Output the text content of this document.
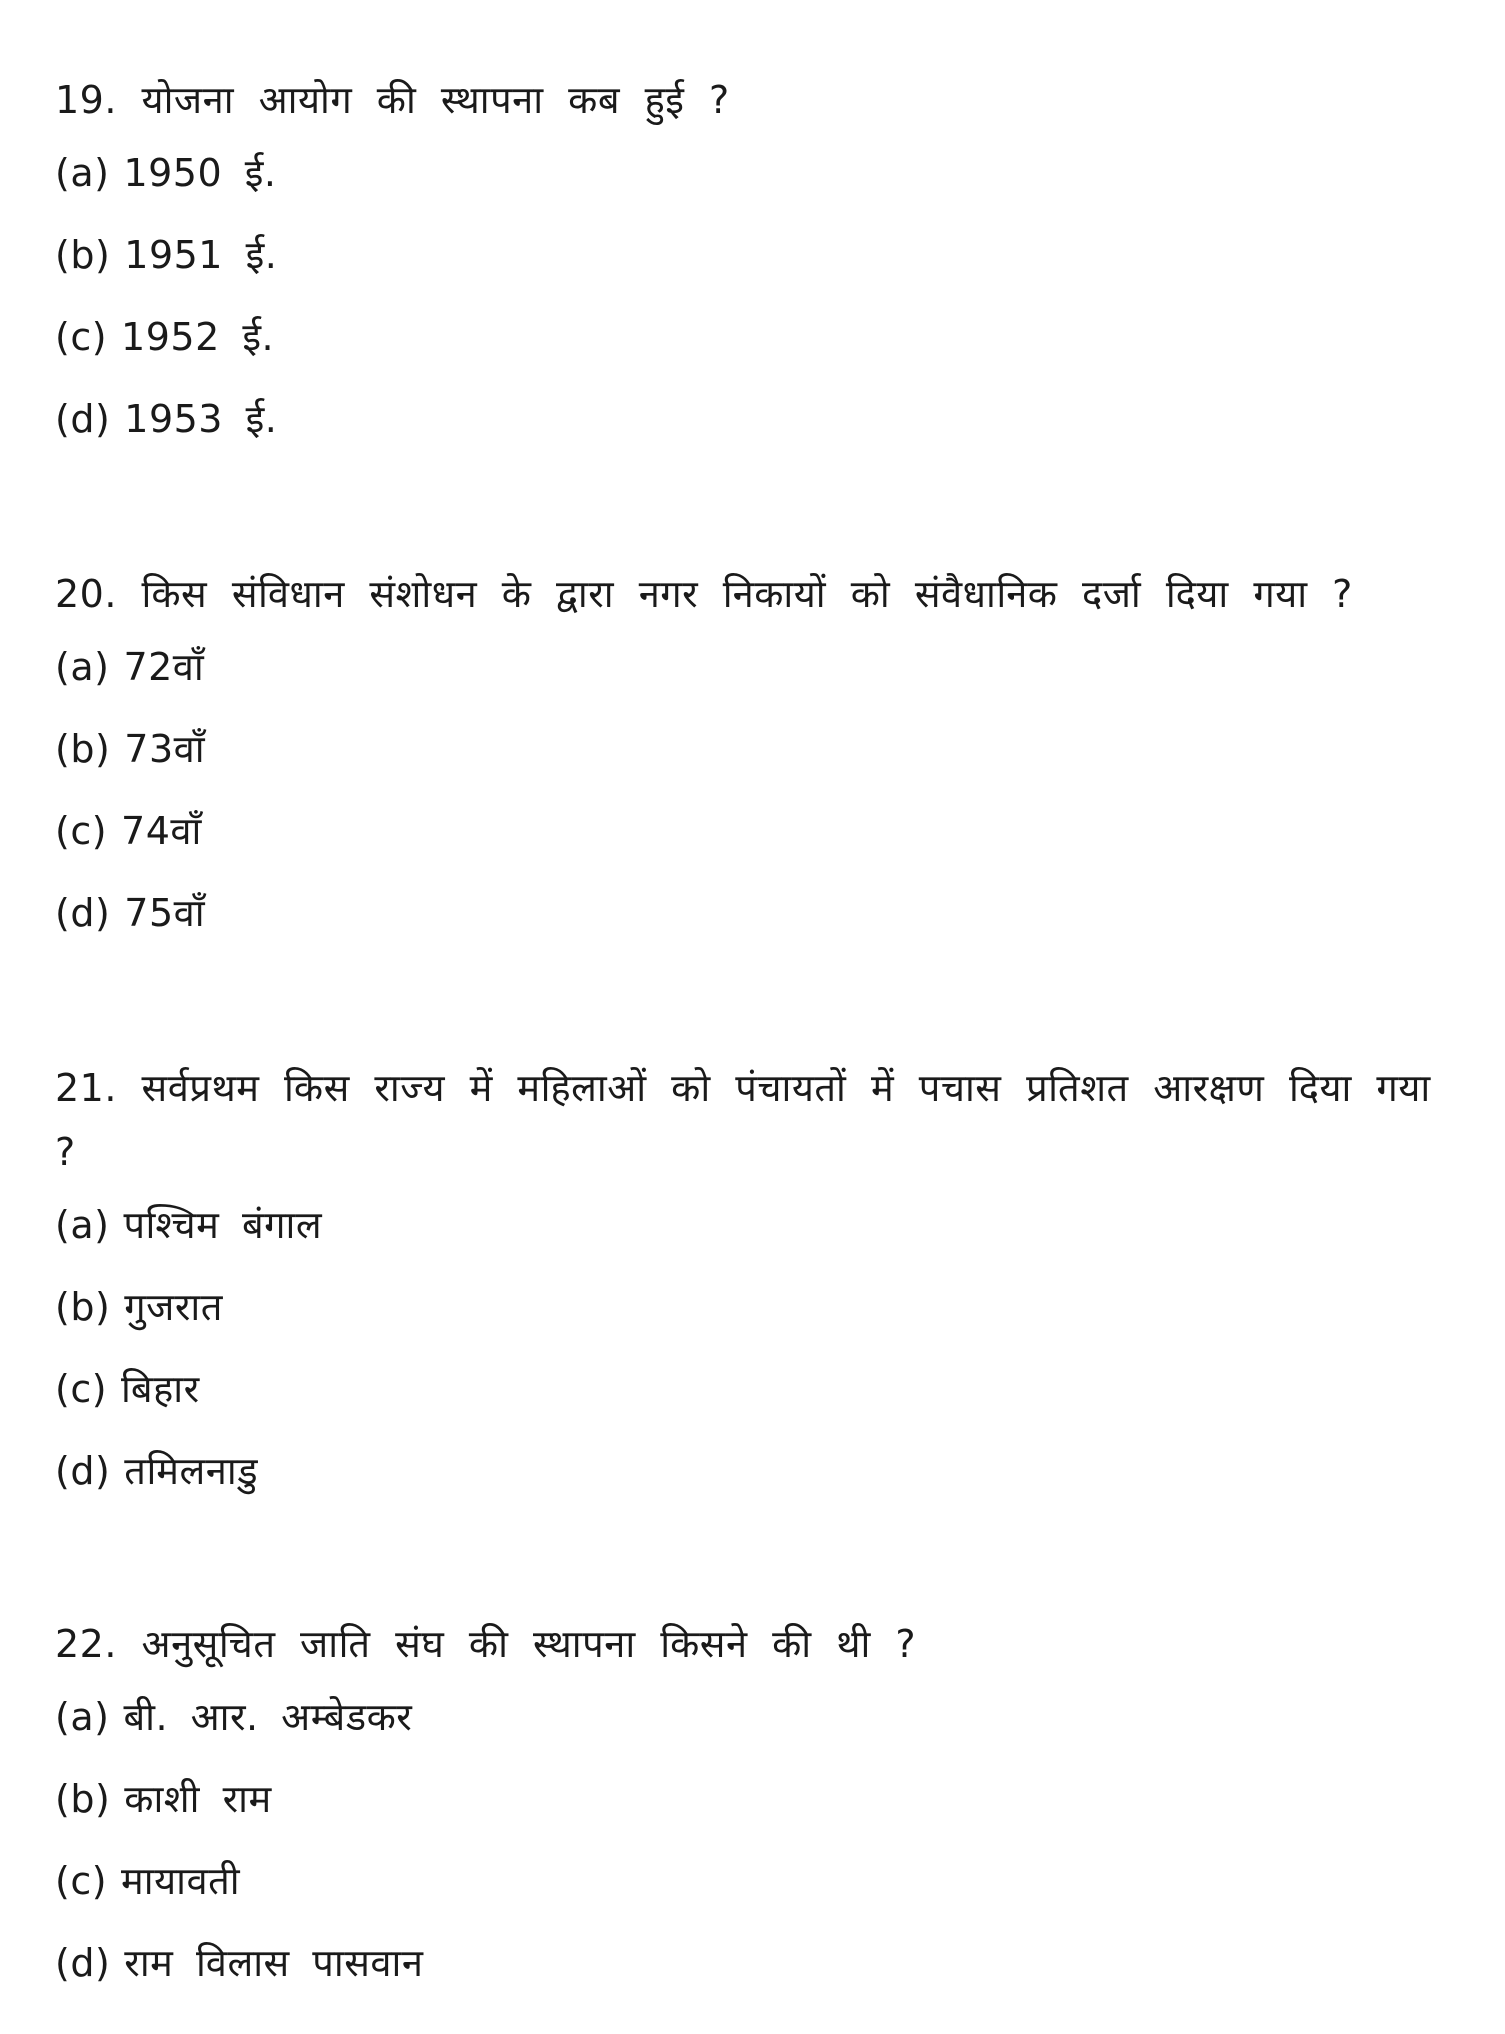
19. योजना आयोग की स्थापना कब हुई ?

(a) 1950 ई.

(b) 1951 ई.

(c) 1952 ई.

(d) 1953 ई.

20. किस संविधान संशोधन के द्वारा नगर निकायों को संवैधानिक दर्जा दिया गया ?

(a) 72वाँ

(b) 73वाँ

(c) 74वाँ

(d) 75वाँ

21. सर्वप्रथम किस राज्य में महिलाओं को पंचायतों में पचास प्रतिशत आरक्षण दिया गया ?

(a) पश्चिम बंगाल

(b) गुजरात

(c) बिहार

(d) तमिलनाडु

22. अनुसूचित जाति संघ की स्थापना किसने की थी ?

(a) बी. आर. अम्बेडकर

(b) काशी राम

(c) मायावती

(d) राम विलास पासवान
